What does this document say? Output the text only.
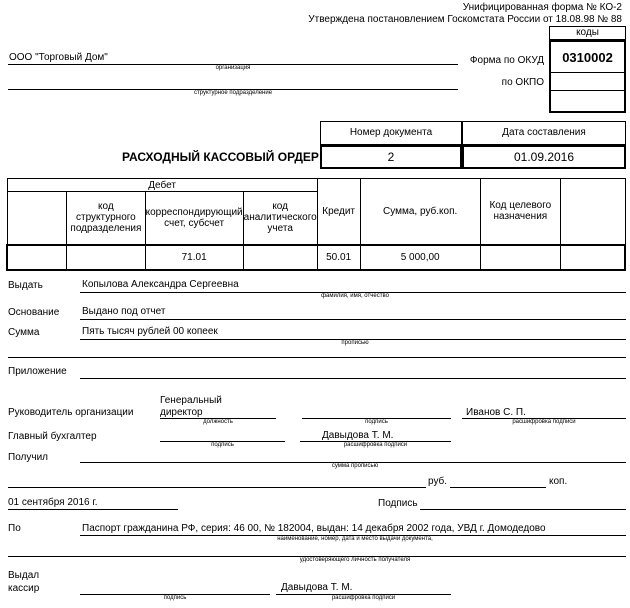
Унифицированная форма № КО-2
Утверждена постановлением Госкомстата России от 18.08.98 № 88
коды
0310002
Форма по ОКУД
по ОКПО
ООО "Торговый Дом"
организация
структурное подразделение
Номер документа	Дата составления
2	01.09.2016
РАСХОДНЫЙ КАССОВЫЙ ОРДЕР
Дебет				Кредит	Сумма, руб.коп.	Код целевого назначения	
	код структурного подразделения	корреспондирующий счет, субсчет	код аналитического учета				
		71.01		50.01	5 000,00		
Выдать	Копылова Александра Сергеевна
фамилия, имя, отчество
Основание Выдано под отчет
Сумма	Пять тысяч рублей 00 копеек
прописью
Приложение
Руководитель организации
Генеральный директор
должность	подпись
Иванов С. П.
расшифровка подписи
Главный бухгалтер
подпись
Давыдова Т. М.
расшифровка подписи
Получил
сумма прописью
руб.	коп.
01 сентября 2016 г.	Подпись
По	Паспорт гражданина РФ, серия: 46 00, № 182004, выдан: 14 декабря 2002 года, УВД г. Домодедово
наименование, номер, дата и место выдачи документа,
удостоверяющего личность получателя
Выдал кассир
подпись
Давыдова Т. М.
расшифровка подписи
